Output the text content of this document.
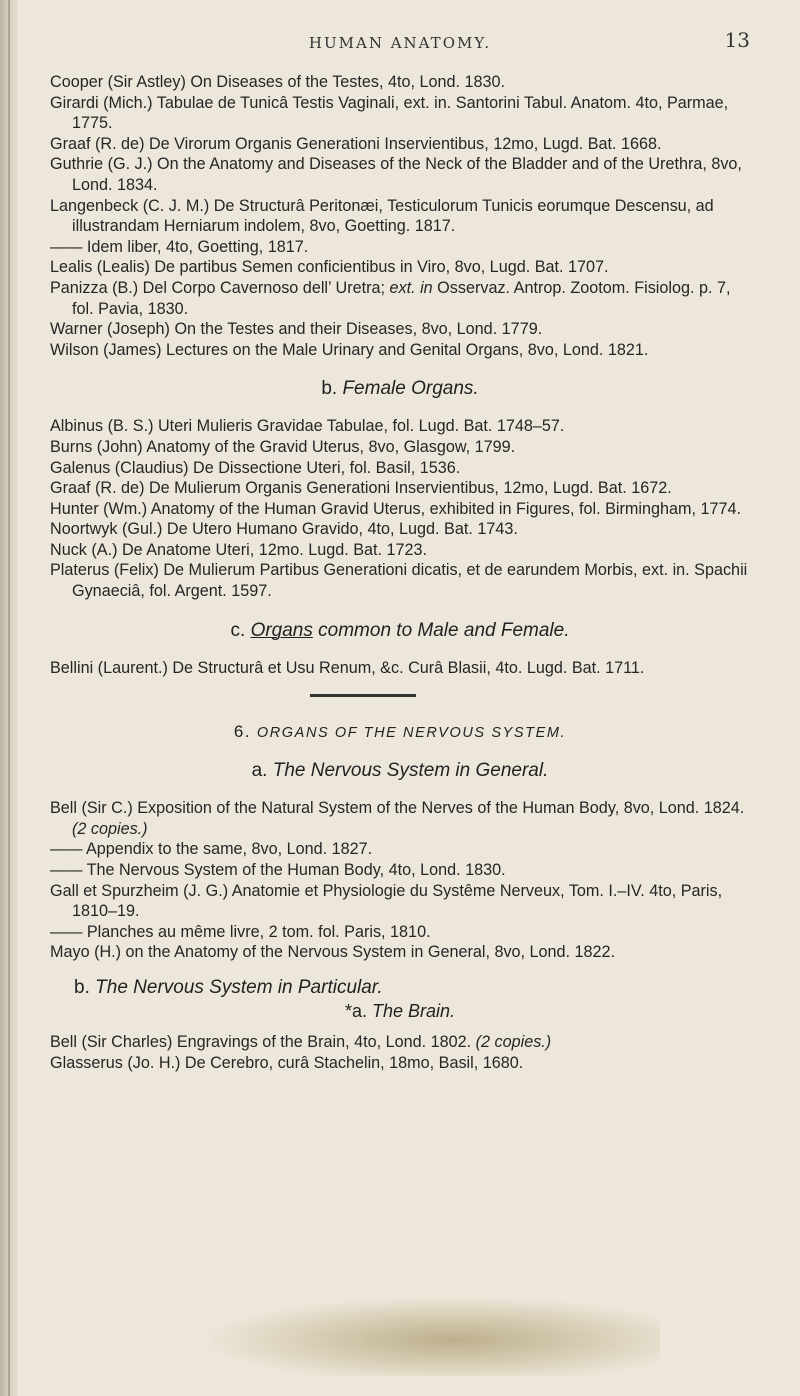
HUMAN ANATOMY.	13

Cooper (Sir Astley) On Diseases of the Testes, 4to, Lond. 1830.

Girardi (Mich.) Tabulae de Tunicâ Testis Vaginali, ext. in. Santorini Tabul. Anatom. 4to, Parmae, 1775.

Graaf (R. de) De Virorum Organis Generationi Inservientibus, 12mo, Lugd. Bat. 1668.

Guthrie (G. J.) On the Anatomy and Diseases of the Neck of the Bladder and of the Urethra, 8vo, Lond. 1834.

Langenbeck (C. J. M.) De Structurâ Peritonæi, Testiculorum Tunicis eorumque Descensu, ad illustrandam Herniarum indolem, 8vo, Goetting. 1817.

—— Idem liber, 4to, Goetting, 1817.

Lealis (Lealis) De partibus Semen conficientibus in Viro, 8vo, Lugd. Bat. 1707.

Panizza (B.) Del Corpo Cavernoso dell’ Uretra; ext. in Osservaz. Antrop. Zootom. Fisiolog. p. 7, fol. Pavia, 1830.

Warner (Joseph) On the Testes and their Diseases, 8vo, Lond. 1779.

Wilson (James) Lectures on the Male Urinary and Genital Organs, 8vo, Lond. 1821.

b. Female Organs.

Albinus (B. S.) Uteri Mulieris Gravidae Tabulae, fol. Lugd. Bat. 1748–57.

Burns (John) Anatomy of the Gravid Uterus, 8vo, Glasgow, 1799.

Galenus (Claudius) De Dissectione Uteri, fol. Basil, 1536.

Graaf (R. de) De Mulierum Organis Generationi Inservientibus, 12mo, Lugd. Bat. 1672.

Hunter (Wm.) Anatomy of the Human Gravid Uterus, exhibited in Figures, fol. Birmingham, 1774.

Noortwyk (Gul.) De Utero Humano Gravido, 4to, Lugd. Bat. 1743.

Nuck (A.) De Anatome Uteri, 12mo. Lugd. Bat. 1723.

Platerus (Felix) De Mulierum Partibus Generationi dicatis, et de earundem Morbis, ext. in. Spachii Gynaeciâ, fol. Argent. 1597.

c. Organs common to Male and Female.

Bellini (Laurent.) De Structurâ et Usu Renum, &c. Curâ Blasii, 4to. Lugd. Bat. 1711.

6. ORGANS OF THE NERVOUS SYSTEM.
a. The Nervous System in General.

Bell (Sir C.) Exposition of the Natural System of the Nerves of the Human Body, 8vo, Lond. 1824. (2 copies.)

—— Appendix to the same, 8vo, Lond. 1827.

—— The Nervous System of the Human Body, 4to, Lond. 1830.

Gall et Spurzheim (J. G.) Anatomie et Physiologie du Systême Nerveux, Tom. I.–IV. 4to, Paris, 1810–19.

—— Planches au même livre, 2 tom. fol. Paris, 1810.

Mayo (H.) on the Anatomy of the Nervous System in General, 8vo, Lond. 1822.

b. The Nervous System in Particular.
*a. The Brain.

Bell (Sir Charles) Engravings of the Brain, 4to, Lond. 1802. (2 copies.)

Glasserus (Jo. H.) De Cerebro, curâ Stachelin, 18mo, Basil, 1680.
